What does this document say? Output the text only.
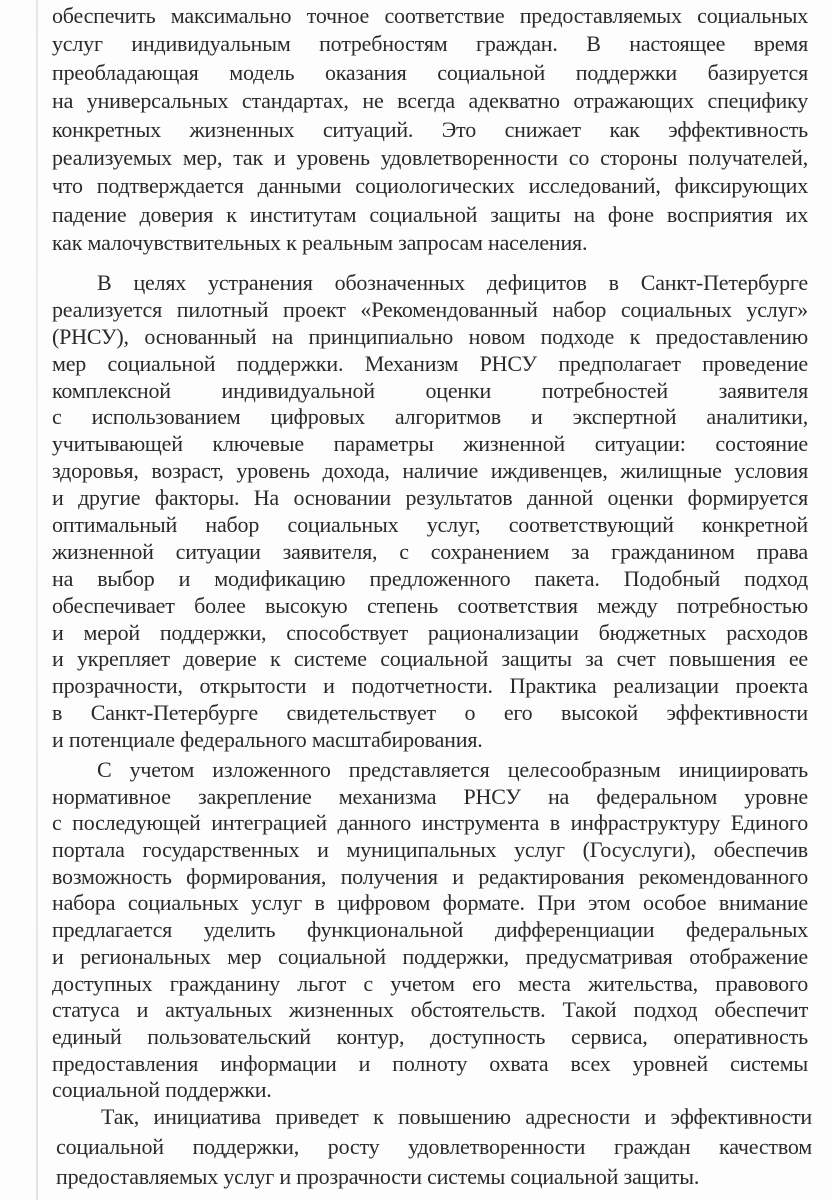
обеспечить максимально точное соответствие предоставляемых социальных
услуг индивидуальным потребностям граждан. В настоящее время
преобладающая модель оказания социальной поддержки базируется
на универсальных стандартах, не всегда адекватно отражающих специфику
конкретных жизненных ситуаций. Это снижает как эффективность
реализуемых мер, так и уровень удовлетворенности со стороны получателей,
что подтверждается данными социологических исследований, фиксирующих
падение доверия к институтам социальной защиты на фоне восприятия их
как малочувствительных к реальным запросам населения.
В целях устранения обозначенных дефицитов в Санкт-Петербурге
реализуется пилотный проект «Рекомендованный набор социальных услуг»
(РНСУ), основанный на принципиально новом подходе к предоставлению
мер социальной поддержки. Механизм РНСУ предполагает проведение
комплексной индивидуальной оценки потребностей заявителя
с использованием цифровых алгоритмов и экспертной аналитики,
учитывающей ключевые параметры жизненной ситуации: состояние
здоровья, возраст, уровень дохода, наличие иждивенцев, жилищные условия
и другие факторы. На основании результатов данной оценки формируется
оптимальный набор социальных услуг, соответствующий конкретной
жизненной ситуации заявителя, с сохранением за гражданином права
на выбор и модификацию предложенного пакета. Подобный подход
обеспечивает более высокую степень соответствия между потребностью
и мерой поддержки, способствует рационализации бюджетных расходов
и укрепляет доверие к системе социальной защиты за счет повышения ее
прозрачности, открытости и подотчетности. Практика реализации проекта
в Санкт-Петербурге свидетельствует о его высокой эффективности
и потенциале федерального масштабирования.
С учетом изложенного представляется целесообразным инициировать
нормативное закрепление механизма РНСУ на федеральном уровне
с последующей интеграцией данного инструмента в инфраструктуру Единого
портала государственных и муниципальных услуг (Госуслуги), обеспечив
возможность формирования, получения и редактирования рекомендованного
набора социальных услуг в цифровом формате. При этом особое внимание
предлагается уделить функциональной дифференциации федеральных
и региональных мер социальной поддержки, предусматривая отображение
доступных гражданину льгот с учетом его места жительства, правового
статуса и актуальных жизненных обстоятельств. Такой подход обеспечит
единый пользовательский контур, доступность сервиса, оперативность
предоставления информации и полноту охвата всех уровней системы
социальной поддержки.
Так, инициатива приведет к повышению адресности и эффективности
социальной поддержки, росту удовлетворенности граждан качеством
предоставляемых услуг и прозрачности системы социальной защиты.
